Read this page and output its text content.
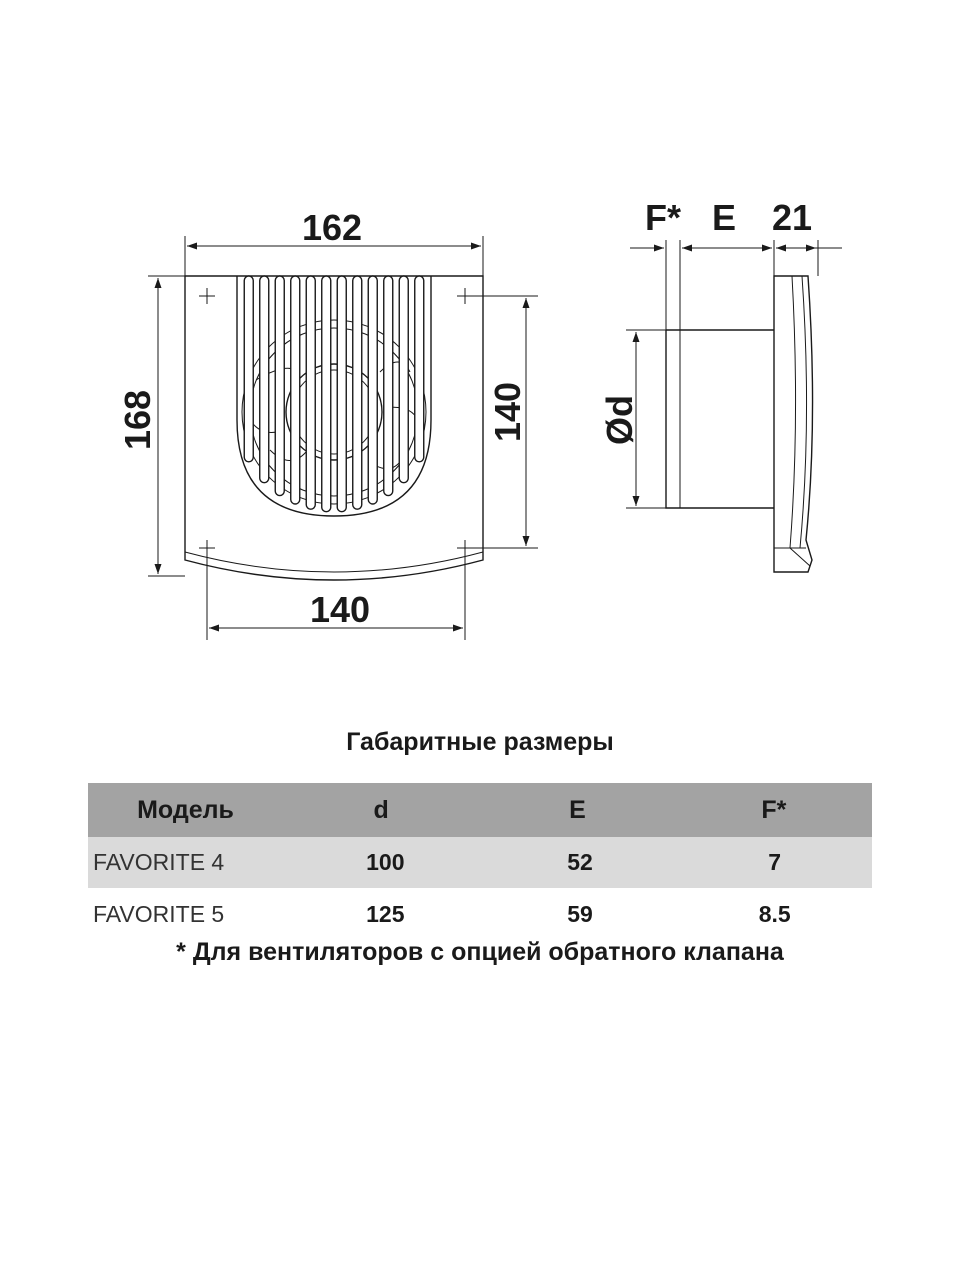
162
168	140
140
F* E 21
Ød
Габаритные размеры
Модель	d	E	F*
FAVORITE 4	100	52	7
FAVORITE 5	125	59	8.5
* Для вентиляторов с опцией обратного клапана
